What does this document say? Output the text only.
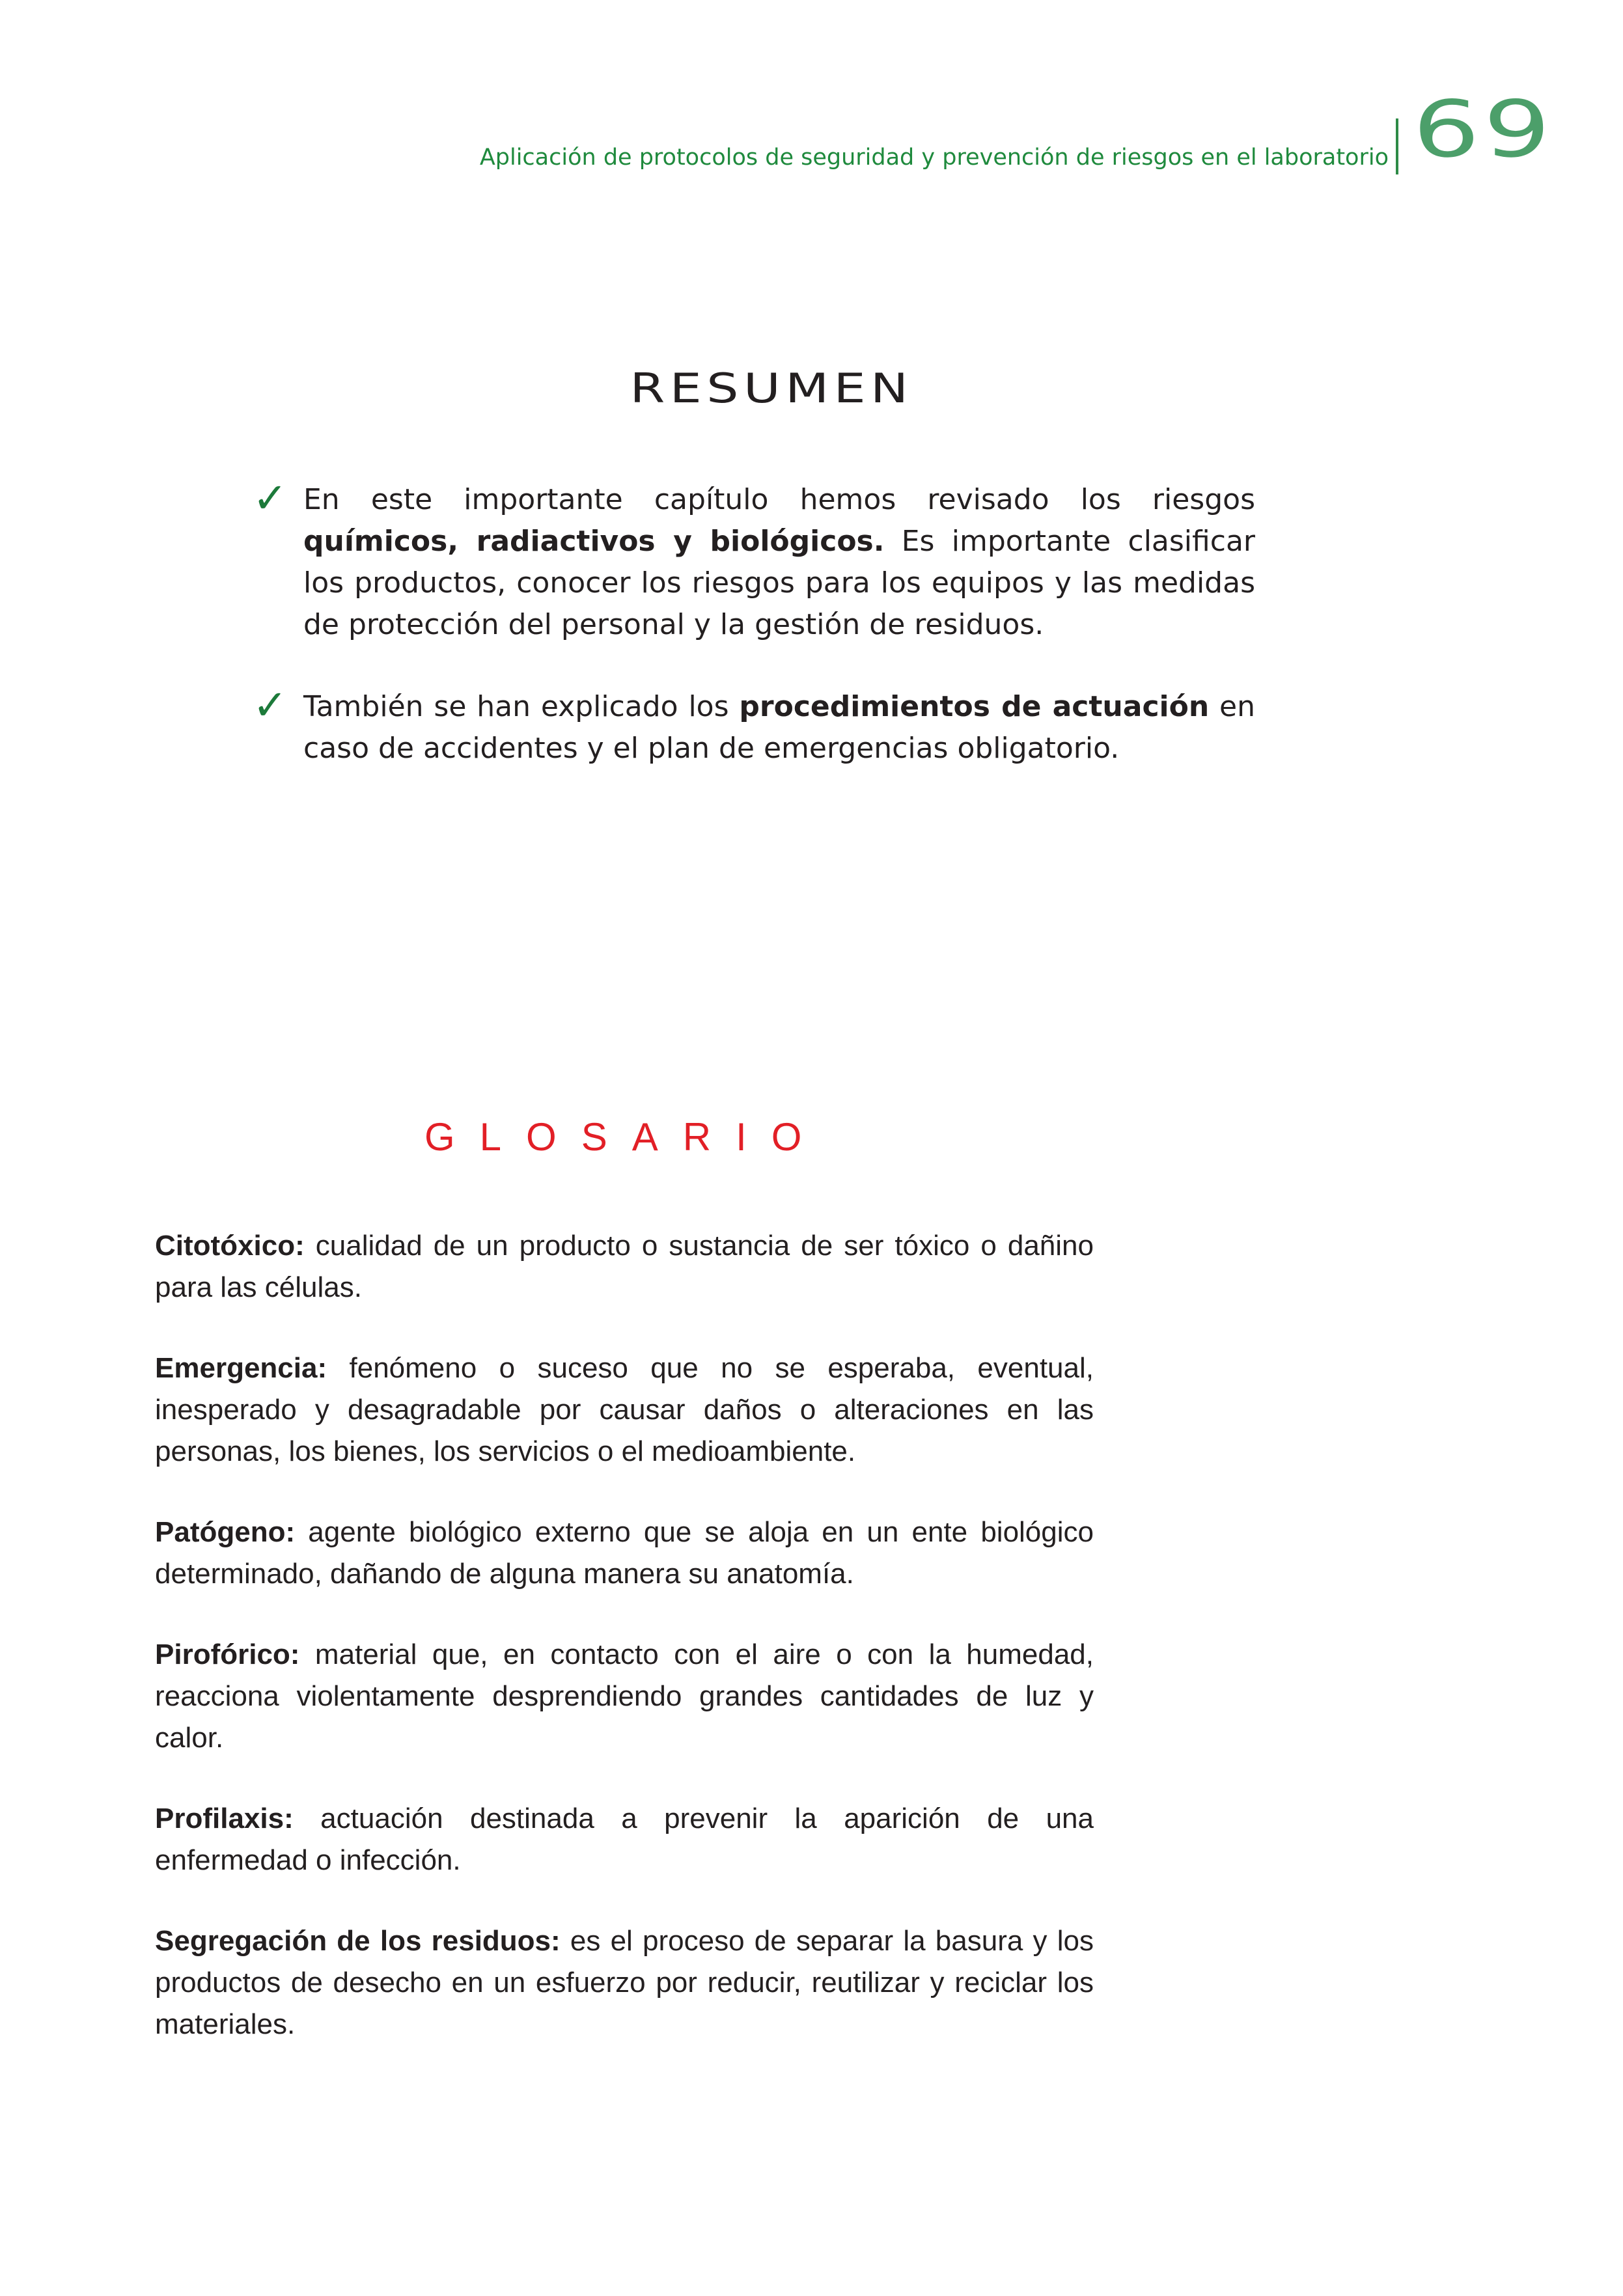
Aplicación de protocolos de seguridad y prevención de riesgos en el laboratorio 69
RESUMEN
✓ En este importante capítulo hemos revisado los riesgos químicos, radiactivos y biológicos. Es importante clasificar los productos, conocer los riesgos para los equipos y las medidas de protección del personal y la gestión de residuos.
✓ También se han explicado los procedimientos de actuación en caso de accidentes y el plan de emergencias obligatorio.
GLOSARIO

Citotóxico: cualidad de un producto o sustancia de ser tóxico o dañino para las células.

Emergencia: fenómeno o suceso que no se esperaba, eventual, inesperado y desagradable por causar daños o alteraciones en las personas, los bienes, los servicios o el medioambiente.

Patógeno: agente biológico externo que se aloja en un ente biológico determinado, dañando de alguna manera su anatomía.

Pirofórico: material que, en contacto con el aire o con la humedad, reacciona violentamente desprendiendo grandes cantidades de luz y calor.

Profilaxis: actuación destinada a prevenir la aparición de una enfermedad o infección.

Segregación de los residuos: es el proceso de separar la basura y los productos de desecho en un esfuerzo por reducir, reutilizar y reciclar los materiales.
